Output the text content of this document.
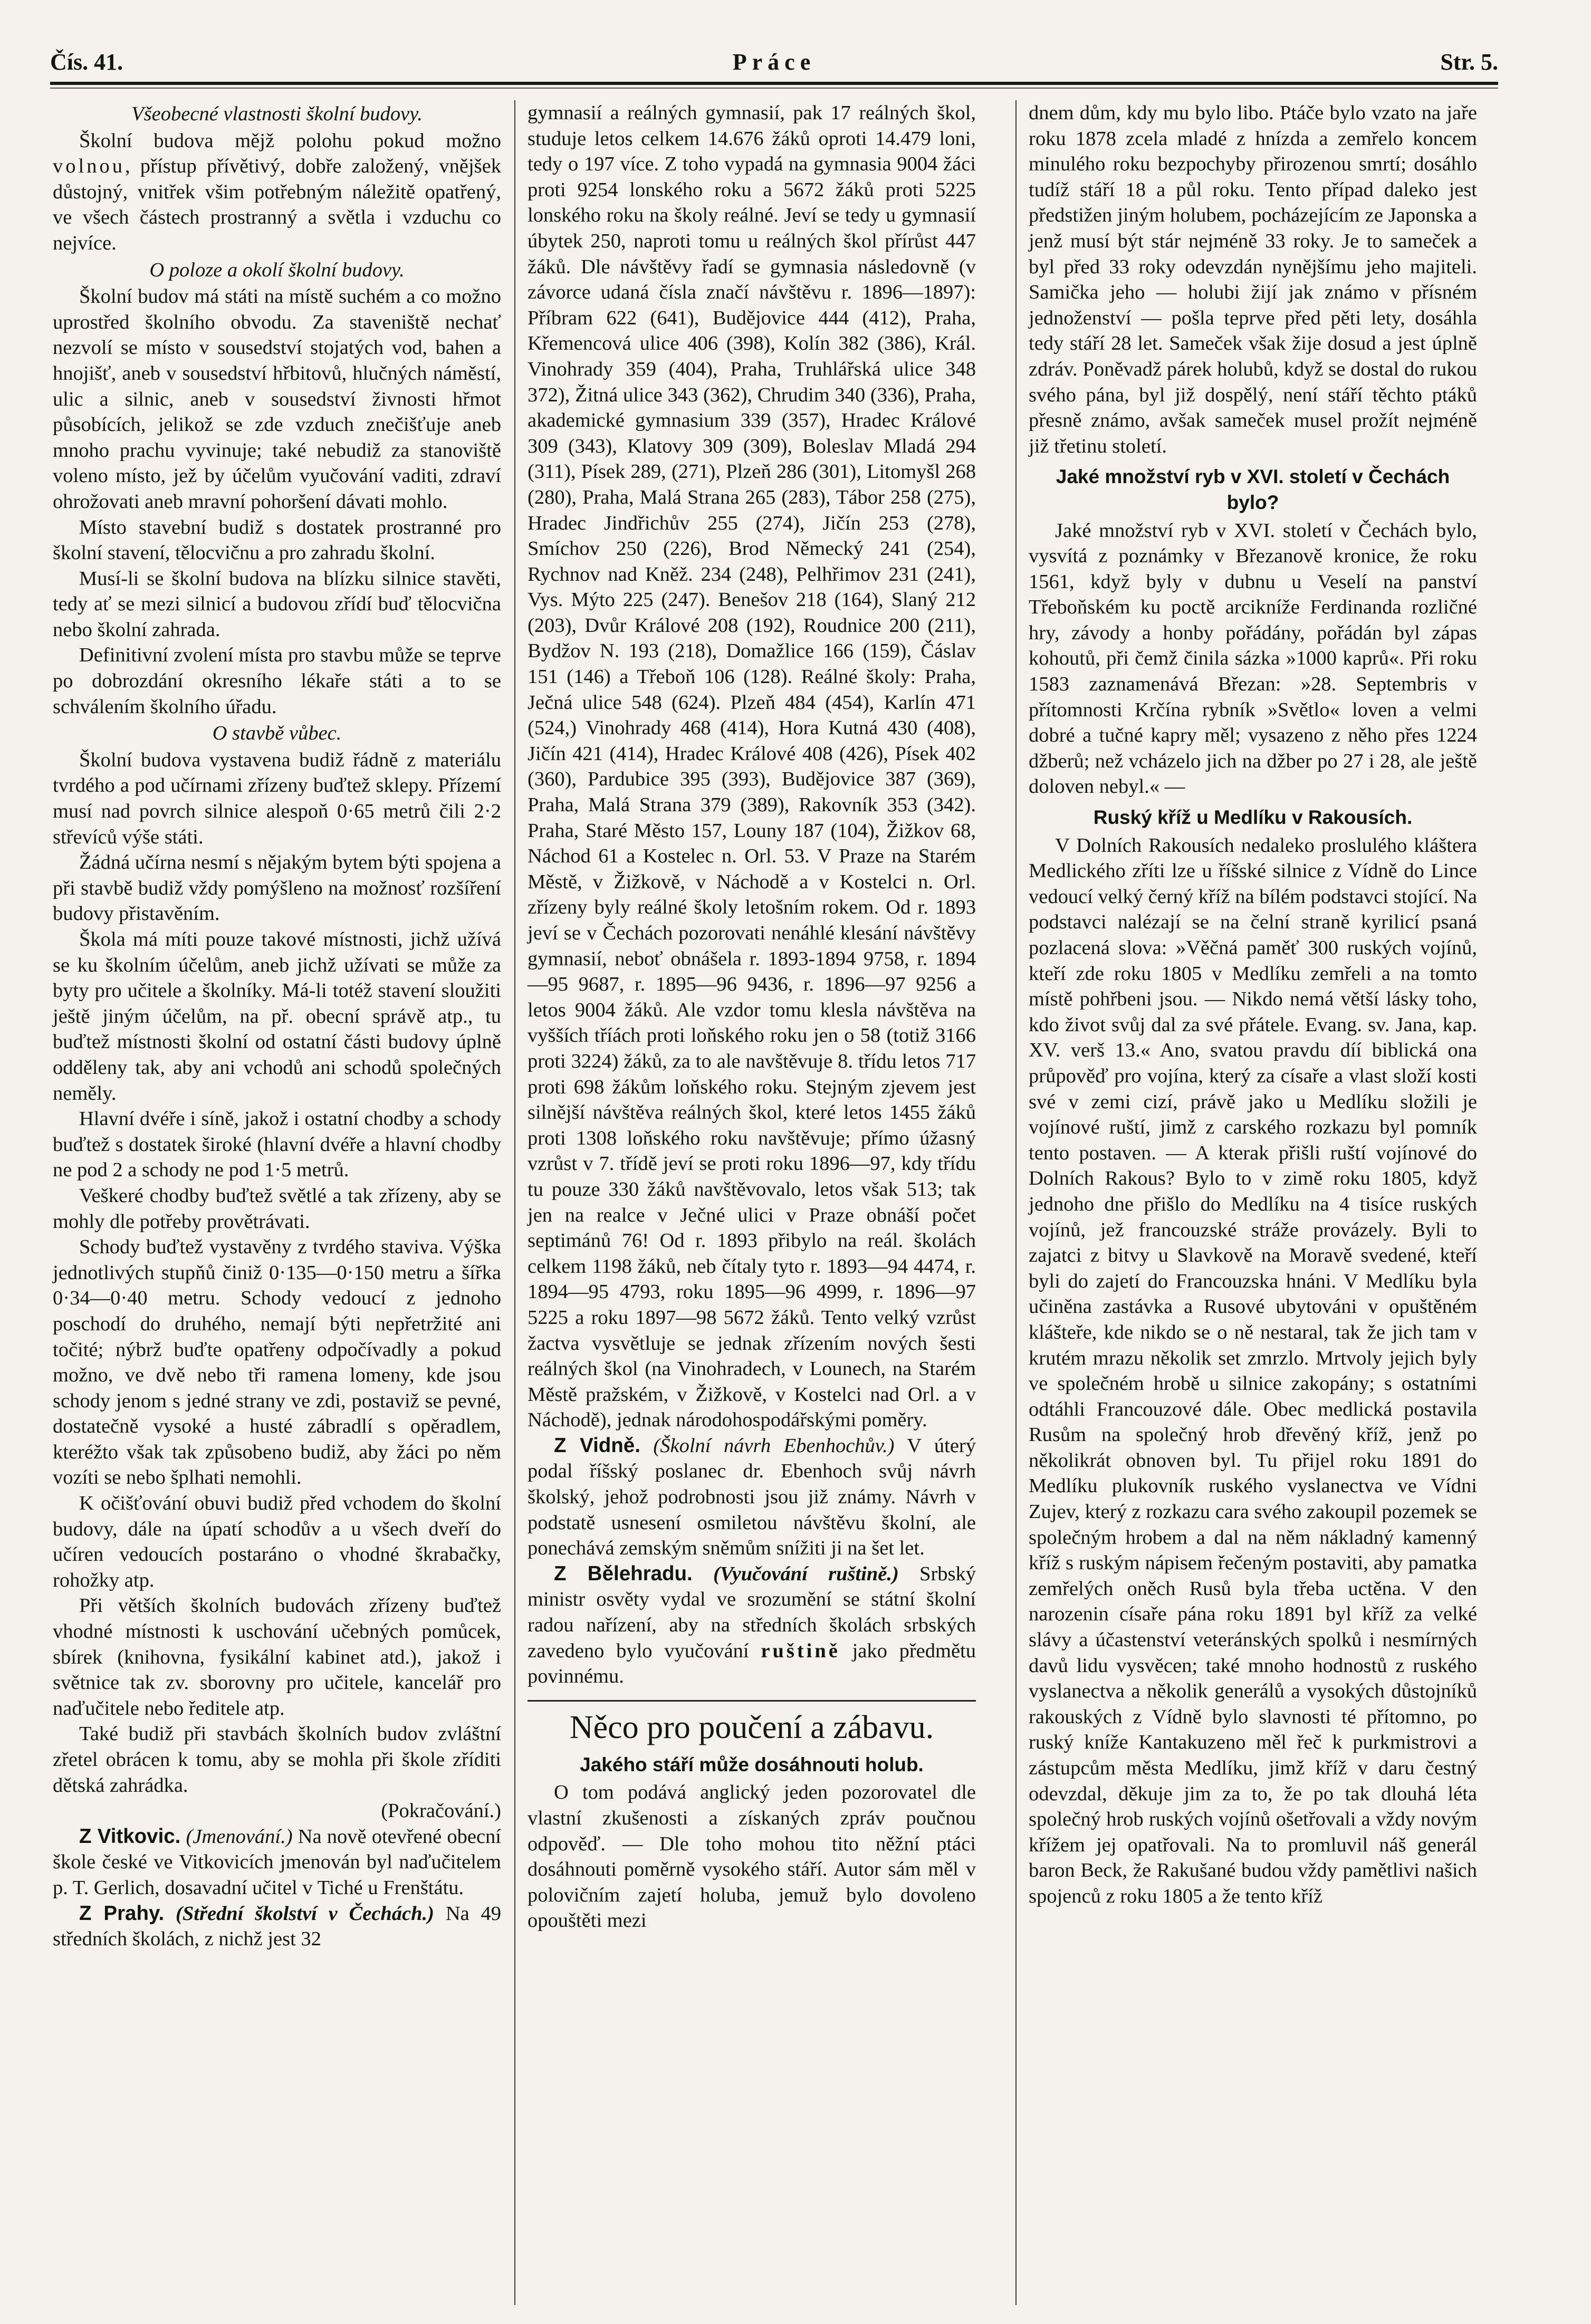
Čís. 41.	Práce	Str. 5.
Všeobecné vlastnosti školní budovy.

Školní budova mějž polohu pokud možno volnou, přístup přívětivý, dobře založený, vnějšek důstojný, vnitřek všim potřebným náležitě opatřený, ve všech částech prostranný a světla i vzduchu co nejvíce.

O poloze a okolí školní budovy.

Školní budov má státi na místě suchém a co možno uprostřed školního obvodu. Za staveniště nechať nezvolí se místo v sousedství stojatých vod, bahen a hnojišť, aneb v sousedství hřbitovů, hlučných náměstí, ulic a silnic, aneb v sousedství živnosti hřmot působících, jelikož se zde vzduch znečišťuje aneb mnoho prachu vyvinuje; také nebudiž za stanoviště voleno místo, jež by účelům vyučování vaditi, zdraví ohrožovati aneb mravní pohoršení dávati mohlo.

Místo stavební budiž s dostatek prostranné pro školní stavení, tělocvičnu a pro zahradu školní.

Musí-li se školní budova na blízku silnice stavěti, tedy ať se mezi silnicí a budovou zřídí buď tělocvična nebo školní zahrada.

Definitivní zvolení místa pro stavbu může se teprve po dobrozdání okresního lékaře státi a to se schválením školního úřadu.

O stavbě vůbec.

Školní budova vystavena budiž řádně z materiálu tvrdého a pod učírnami zřízeny buďtež sklepy. Přízemí musí nad povrch silnice alespoň 0·65 metrů čili 2·2 střevíců výše státi.

Žádná učírna nesmí s nějakým bytem býti spojena a při stavbě budiž vždy pomýšleno na možnosť rozšíření budovy přistavěním.

Škola má míti pouze takové místnosti, jichž užívá se ku školním účelům, aneb jichž užívati se může za byty pro učitele a školníky. Má-li totéž stavení sloužiti ještě jiným účelům, na př. obecní správě atp., tu buďtež místnosti školní od ostatní části budovy úplně odděleny tak, aby ani vchodů ani schodů společných neměly.

Hlavní dvéře i síně, jakož i ostatní chodby a schody buďtež s dostatek široké (hlavní dvéře a hlavní chodby ne pod 2 a schody ne pod 1·5 metrů.

Veškeré chodby buďtež světlé a tak zřízeny, aby se mohly dle potřeby provětrávati.

Schody buďtež vystavěny z tvrdého staviva. Výška jednotlivých stupňů činiž 0·135—0·150 metru a šířka 0·34—0·40 metru. Schody vedoucí z jednoho poschodí do druhého, nemají býti nepřetržité ani točité; nýbrž buďte opatřeny odpočívadly a pokud možno, ve dvě nebo tři ramena lomeny, kde jsou schody jenom s jedné strany ve zdi, postaviž se pevné, dostatečně vysoké a husté zábradlí s opěradlem, kteréžto však tak způsobeno budiž, aby žáci po něm vozíti se nebo šplhati nemohli.

K očišťování obuvi budiž před vchodem do školní budovy, dále na úpatí schodův a u všech dveří do učíren vedoucích postaráno o vhodné škrabačky, rohožky atp.

Při větších školních budovách zřízeny buďtež vhodné místnosti k uschování učebných pomůcek, sbírek (knihovna, fysikální kabinet atd.), jakož i světnice tak zv. sborovny pro učitele, kancelář pro naďučitele nebo ředitele atp.

Také budiž při stavbách školních budov zvláštní zřetel obrácen k tomu, aby se mohla při škole zříditi dětská zahrádka.

(Pokračování.)

Z Vitkovic. (Jmenování.) Na nově otevřené obecní škole české ve Vitkovicích jmenován byl naďučitelem p. T. Gerlich, dosavadní učitel v Tiché u Frenštátu.

Z Prahy. (Střední školství v Čechách.) Na 49 středních školách, z nichž jest 32

gymnasií a reálných gymnasií, pak 17 reálných škol, studuje letos celkem 14.676 žáků oproti 14.479 loni, tedy o 197 více. Z toho vypadá na gymnasia 9004 žáci proti 9254 lonského roku a 5672 žáků proti 5225 lonského roku na školy reálné. Jeví se tedy u gymnasií úbytek 250, naproti tomu u reálných škol přírůst 447 žáků. Dle návštěvy řadí se gymnasia následovně (v závorce udaná čísla značí návštěvu r. 1896—1897): Příbram 622 (641), Budějovice 444 (412), Praha, Křemencová ulice 406 (398), Kolín 382 (386), Král. Vinohrady 359 (404), Praha, Truhlářská ulice 348 372), Žitná ulice 343 (362), Chrudim 340 (336), Praha, akademické gymnasium 339 (357), Hradec Králové 309 (343), Klatovy 309 (309), Boleslav Mladá 294 (311), Písek 289, (271), Plzeň 286 (301), Litomyšl 268 (280), Praha, Malá Strana 265 (283), Tábor 258 (275), Hradec Jindřichův 255 (274), Jičín 253 (278), Smíchov 250 (226), Brod Německý 241 (254), Rychnov nad Kněž. 234 (248), Pelhřimov 231 (241), Vys. Mýto 225 (247). Benešov 218 (164), Slaný 212 (203), Dvůr Králové 208 (192), Roudnice 200 (211), Bydžov N. 193 (218), Domažlice 166 (159), Čáslav 151 (146) a Třeboň 106 (128). Reálné školy: Praha, Ječná ulice 548 (624). Plzeň 484 (454), Karlín 471 (524,) Vinohrady 468 (414), Hora Kutná 430 (408), Jičín 421 (414), Hradec Králové 408 (426), Písek 402 (360), Pardubice 395 (393), Budějovice 387 (369), Praha, Malá Strana 379 (389), Rakovník 353 (342). Praha, Staré Město 157, Louny 187 (104), Žižkov 68, Náchod 61 a Kostelec n. Orl. 53. V Praze na Starém Městě, v Žižkově, v Náchodě a v Kostelci n. Orl. zřízeny byly reálné školy letošním rokem. Od r. 1893 jeví se v Čechách pozorovati nenáhlé klesání návštěvy gymnasií, neboť obnášela r. 1893-1894 9758, r. 1894—95 9687, r. 1895—96 9436, r. 1896—97 9256 a letos 9004 žáků. Ale vzdor tomu klesla návštěva na vyšších tříách proti loňského roku jen o 58 (totiž 3166 proti 3224) žáků, za to ale navštěvuje 8. třídu letos 717 proti 698 žákům loňského roku. Stejným zjevem jest silnější návštěva reálných škol, které letos 1455 žáků proti 1308 loňského roku navštěvuje; přímo úžasný vzrůst v 7. třídě jeví se proti roku 1896—97, kdy třídu tu pouze 330 žáků navštěvovalo, letos však 513; tak jen na realce v Ječné ulici v Praze obnáší počet septimánů 76! Od r. 1893 přibylo na reál. školách celkem 1198 žáků, neb čítaly tyto r. 1893—94 4474, r. 1894—95 4793, roku 1895—96 4999, r. 1896—97 5225 a roku 1897—98 5672 žáků. Tento velký vzrůst žactva vysvětluje se jednak zřízením nových šesti reálných škol (na Vinohradech, v Lounech, na Starém Městě pražském, v Žižkově, v Kostelci nad Orl. a v Náchodě), jednak národohospodářskými poměry.

Z Vidně. (Školní návrh Ebenhochův.) V úterý podal říšský poslanec dr. Ebenhoch svůj návrh školský, jehož podrobnosti jsou již známy. Návrh v podstatě usnesení osmiletou návštěvu školní, ale ponechává zemským sněmům snížiti ji na šet let.

Z Bělehradu. (Vyučování ruštině.) Srbský ministr osvěty vydal ve srozumění se státní školní radou nařízení, aby na středních školách srbských zavedeno bylo vyučování ruštině jako předmětu povinnému.

Něco pro poučení a zábavu.
Jakého stáří může dosáhnouti holub.

O tom podává anglický jeden pozorovatel dle vlastní zkušenosti a získaných zpráv poučnou odpověď. — Dle toho mohou tito něžní ptáci dosáhnouti poměrně vysokého stáří. Autor sám měl v polovičním zajetí holuba, jemuž bylo dovoleno opouštěti mezi

dnem dům, kdy mu bylo libo. Ptáče bylo vzato na jaře roku 1878 zcela mladé z hnízda a zemřelo koncem minulého roku bezpochyby přirozenou smrtí; dosáhlo tudíž stáří 18 a půl roku. Tento případ daleko jest předstižen jiným holubem, pocházejícím ze Japonska a jenž musí být stár nejméně 33 roky. Je to sameček a byl před 33 roky odevzdán nynějšímu jeho majiteli. Samička jeho — holubi žijí jak známo v přísném jednoženství — pošla teprve před pěti lety, dosáhla tedy stáří 28 let. Sameček však žije dosud a jest úplně zdráv. Poněvadž párek holubů, když se dostal do rukou svého pána, byl již dospělý, není stáří těchto ptáků přesně známo, avšak sameček musel prožít nejméně již třetinu století.

Jaké množství ryb v XVI. století v Čechách bylo?

Jaké množství ryb v XVI. století v Čechách bylo, vysvítá z poznámky v Březanově kronice, že roku 1561, když byly v dubnu u Veselí na panství Třeboňském ku poctě arcikníže Ferdinanda rozličné hry, závody a honby pořádány, pořádán byl zápas kohoutů, při čemž činila sázka »1000 kaprů«. Při roku 1583 zaznamenává Březan: »28. Septembris v přítomnosti Krčína rybník »Světlo« loven a velmi dobré a tučné kapry měl; vysazeno z něho přes 1224 džberů; než vcházelo jich na džber po 27 i 28, ale ještě doloven nebyl.« —

Ruský kříž u Medlíku v Rakousích.

V Dolních Rakousích nedaleko proslulého kláštera Medlického zříti lze u říšské silnice z Vídně do Lince vedoucí velký černý kříž na bílém podstavci stojící. Na podstavci nalézají se na čelní straně kyrilicí psaná pozlacená slova: »Věčná paměť 300 ruských vojínů, kteří zde roku 1805 v Medlíku zemřeli a na tomto místě pohřbeni jsou. — Nikdo nemá větší lásky toho, kdo život svůj dal za své přátele. Evang. sv. Jana, kap. XV. verš 13.« Ano, svatou pravdu díí biblická ona průpověď pro vojína, který za císaře a vlast složí kosti své v zemi cizí, právě jako u Medlíku složili je vojínové ruští, jimž z carského rozkazu byl pomník tento postaven. — A kterak přišli ruští vojínové do Dolních Rakous? Bylo to v zimě roku 1805, když jednoho dne přišlo do Medlíku na 4 tisíce ruských vojínů, jež francouzské stráže provázely. Byli to zajatci z bitvy u Slavkově na Moravě svedené, kteří byli do zajetí do Francouzska hnáni. V Medlíku byla učiněna zastávka a Rusové ubytováni v opuštěném klášteře, kde nikdo se o ně nestaral, tak že jich tam v krutém mrazu několik set zmrzlo. Mrtvoly jejich byly ve společném hrobě u silnice zakopány; s ostatními odtáhli Francouzové dále. Obec medlická postavila Rusům na společný hrob dřevěný kříž, jenž po několikrát obnoven byl. Tu přijel roku 1891 do Medlíku plukovník ruského vyslanectva ve Vídni Zujev, který z rozkazu cara svého zakoupil pozemek se společným hrobem a dal na něm nákladný kamenný kříž s ruským nápisem řečeným postaviti, aby pamatka zemřelých oněch Rusů byla třeba uctěna. V den narozenin císaře pána roku 1891 byl kříž za velké slávy a účastenství veteránských spolků i nesmírných davů lidu vysvěcen; také mnoho hodnostů z ruského vyslanectva a několik generálů a vysokých důstojníků rakouských z Vídně bylo slavnosti té přítomno, po ruský kníže Kantakuzeno měl řeč k purkmistrovi a zástupcům města Medlíku, jimž kříž v daru čestný odevzdal, děkuje jim za to, že po tak dlouhá léta společný hrob ruských vojínů ošetřovali a vždy novým křížem jej opatřovali. Na to promluvil náš generál baron Beck, že Rakušané budou vždy pamětlivi našich spojenců z roku 1805 a že tento kříž
